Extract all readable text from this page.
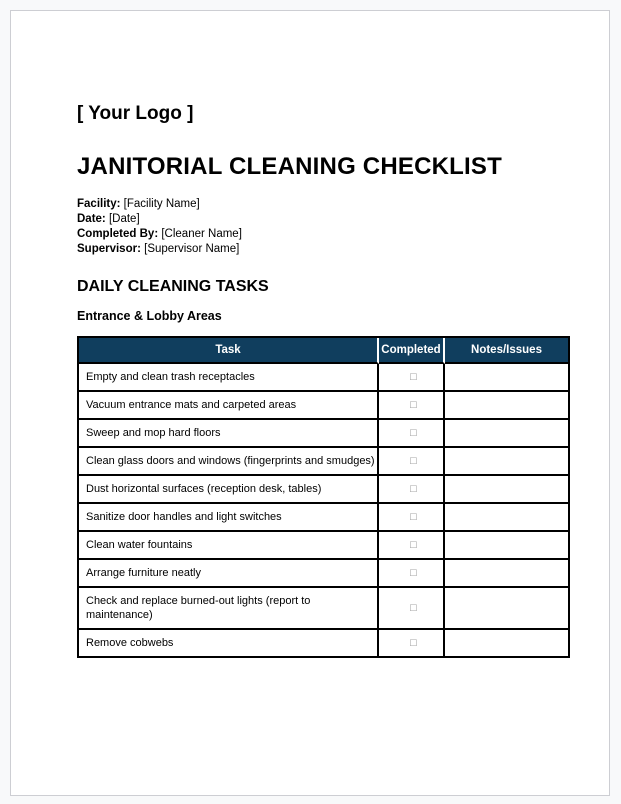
[ Your Logo ]
JANITORIAL CLEANING CHECKLIST
Facility: [Facility Name]
Date: [Date]
Completed By: [Cleaner Name]
Supervisor: [Supervisor Name]
DAILY CLEANING TASKS
Entrance & Lobby Areas
Task	Completed	Notes/Issues
Empty and clean trash receptacles	□	
Vacuum entrance mats and carpeted areas	□	
Sweep and mop hard floors	□	
Clean glass doors and windows (fingerprints and smudges)	□	
Dust horizontal surfaces (reception desk, tables)	□	
Sanitize door handles and light switches	□	
Clean water fountains	□	
Arrange furniture neatly	□	
Check and replace burned-out lights (report to maintenance)	□	
Remove cobwebs	□	
